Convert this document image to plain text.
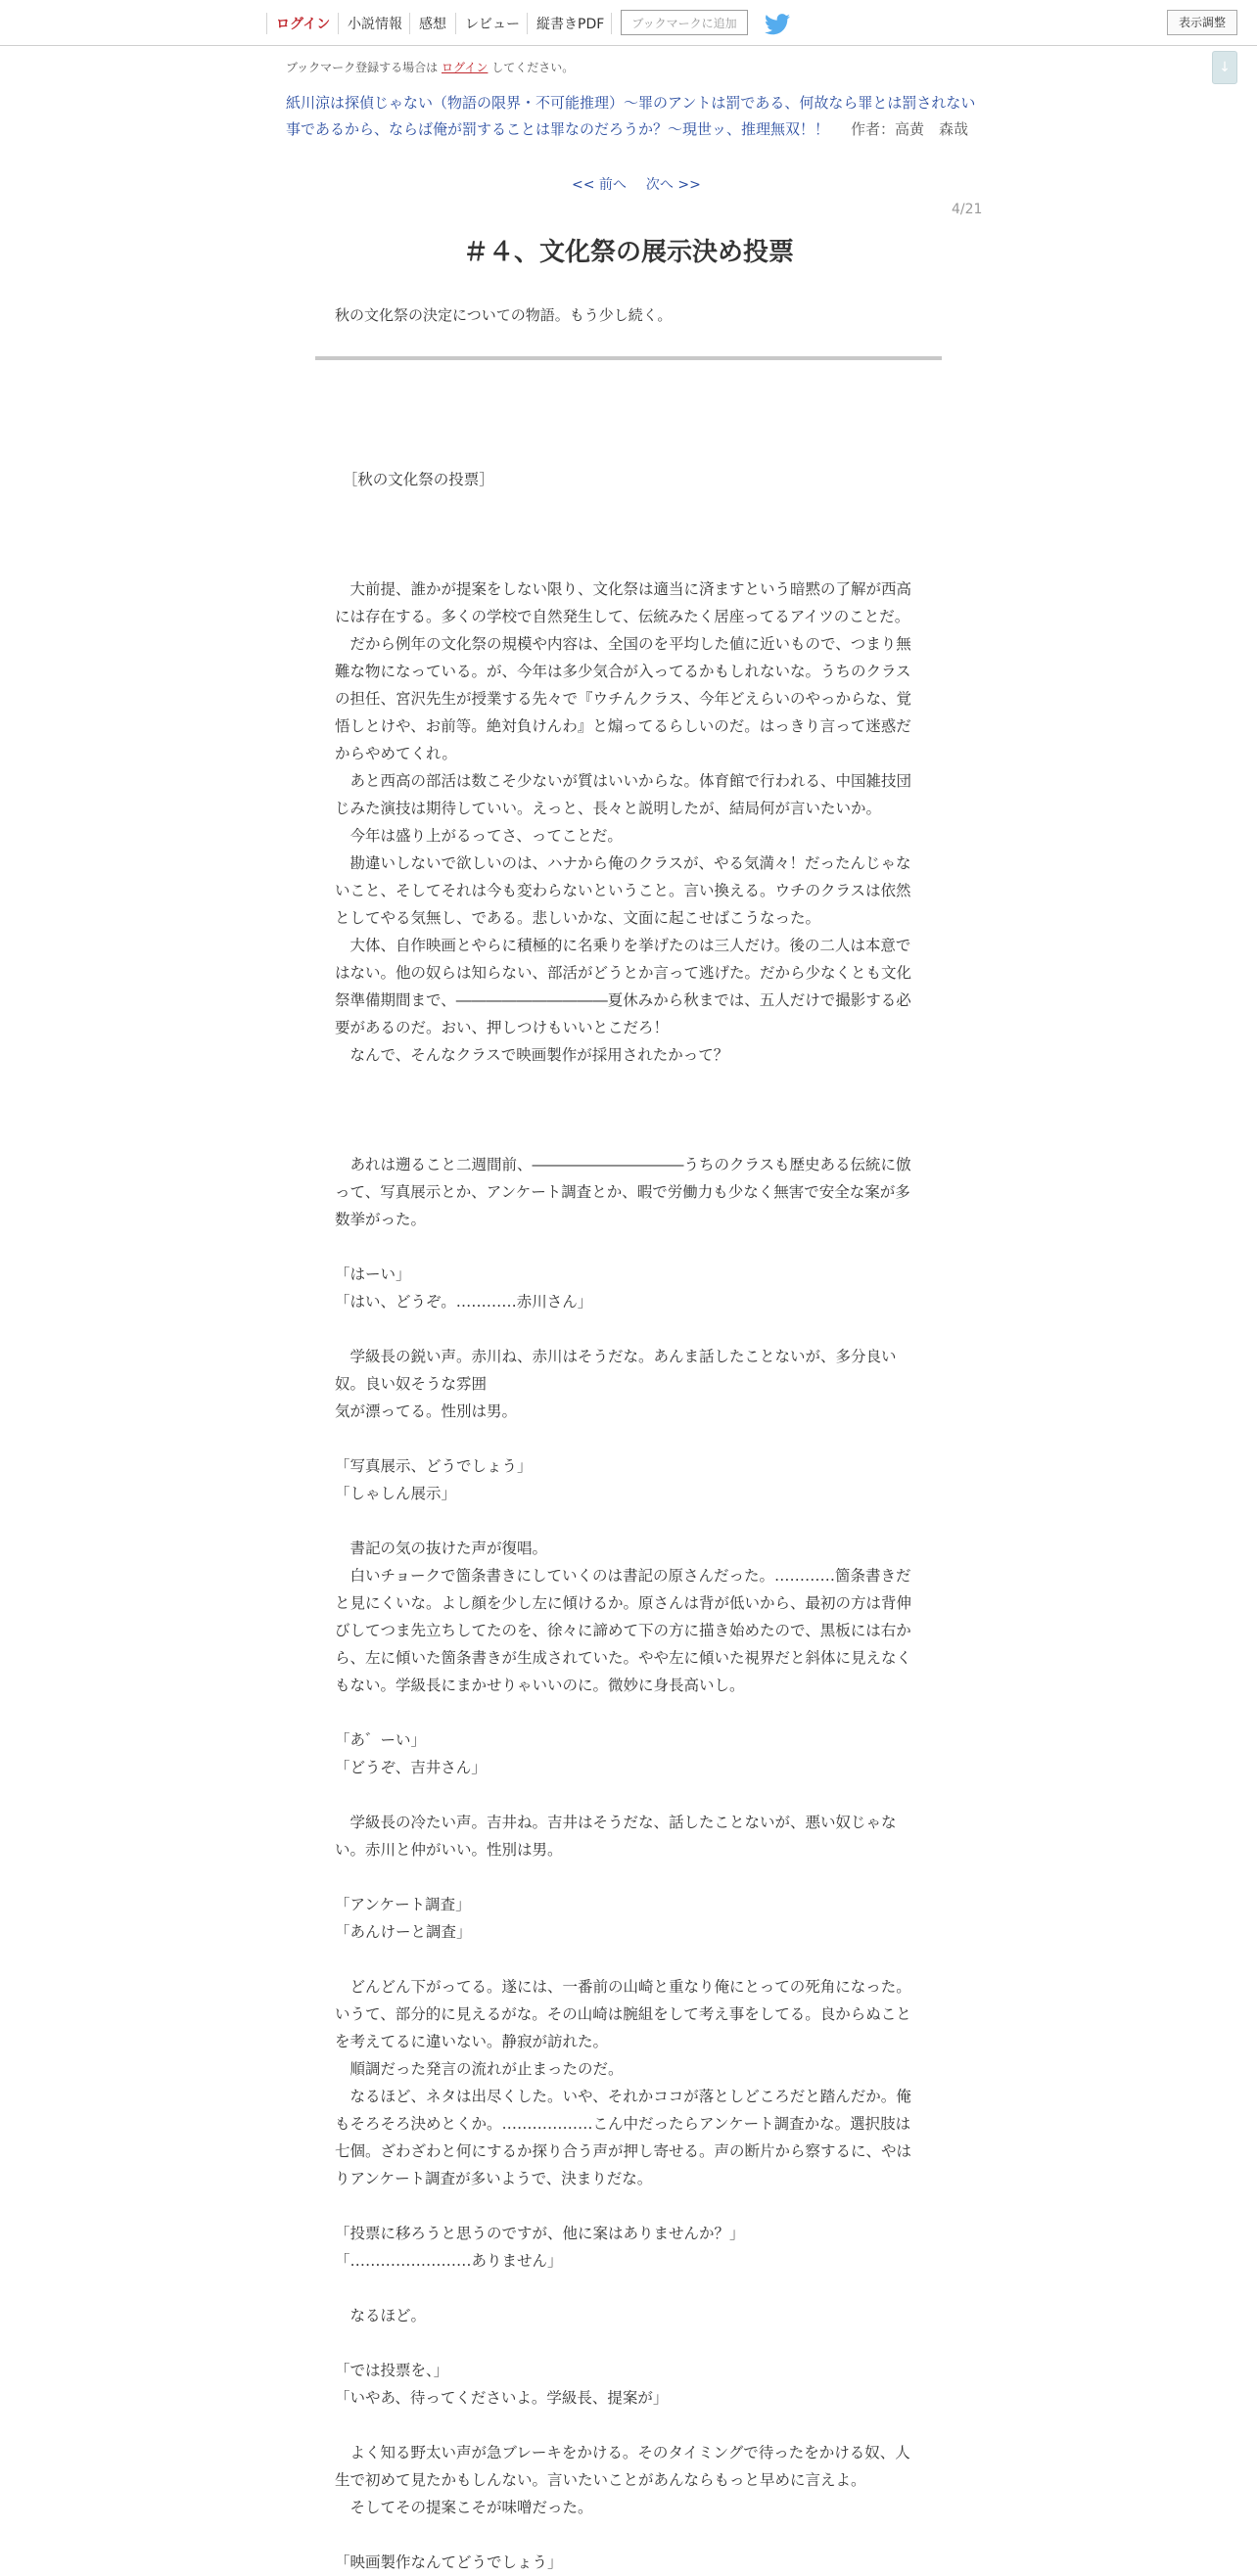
ログイン 小説情報 感想 レビュー 縦書きPDF	ブックマークに追加	表示調整
↓
ブックマーク登録する場合は ログイン してください。
紙川涼は探偵じゃない（物語の限界・不可能推理）～罪のアントは罰である、何故なら罪とは罰されない事であるから、ならば俺が罰することは罪なのだろうか？～現世ッ、推理無双！！ 作者：高黄　森哉
<< 前へ 次へ >>
4/21
＃４、文化祭の展示決め投票
秋の文化祭の決定についての物語。もう少し続く。

　［秋の文化祭の投票］

　大前提、誰かが提案をしない限り、文化祭は適当に済ますという暗黙の了解が西高には存在する。多くの学校で自然発生して、伝統みたく居座ってるアイツのことだ。

　だから例年の文化祭の規模や内容は、全国のを平均した値に近いもので、つまり無難な物になっている。が、今年は多少気合が入ってるかもしれないな。うちのクラスの担任、宮沢先生が授業する先々で『ウチんクラス、今年どえらいのやっからな、覚悟しとけや、お前等。絶対負けんわ』と煽ってるらしいのだ。はっきり言って迷惑だからやめてくれ。

　あと西高の部活は数こそ少ないが質はいいからな。体育館で行われる、中国雑技団じみた演技は期待していい。えっと、長々と説明したが、結局何が言いたいか。

　今年は盛り上がるってさ、ってことだ。

　勘違いしないで欲しいのは、ハナから俺のクラスが、やる気満々！だったんじゃないこと、そしてそれは今も変わらないということ。言い換える。ウチのクラスは依然としてやる気無し、である。悲しいかな、文面に起こせばこうなった。

　大体、自作映画とやらに積極的に名乗りを挙げたのは三人だけ。後の二人は本意ではない。他の奴らは知らない、部活がどうとか言って逃げた。だから少なくとも文化祭準備期間まで、――――――――――夏休みから秋までは、五人だけで撮影する必要があるのだ。おい、押しつけもいいとこだろ！

　なんで、そんなクラスで映画製作が採用されたかって？

　あれは遡ること二週間前、――――――――――うちのクラスも歴史ある伝統に倣って、写真展示とか、アンケート調査とか、暇で労働力も少なく無害で安全な案が多数挙がった。

「はーい」

「はい、どうぞ。…………赤川さん」

　学級長の鋭い声。赤川ね、赤川はそうだな。あんま話したことないが、多分良い奴。良い奴そうな雰囲
気が漂ってる。性別は男。

「写真展示、どうでしょう」

「しゃしん展示」

　書記の気の抜けた声が復唱。

　白いチョークで箇条書きにしていくのは書記の原さんだった。…………箇条書きだと見にくいな。よし顔を少し左に傾けるか。原さんは背が低いから、最初の方は背伸びしてつま先立ちしてたのを、徐々に諦めて下の方に描き始めたので、黒板には右から、左に傾いた箇条書きが生成されていた。やや左に傾いた視界だと斜体に見えなくもない。学級長にまかせりゃいいのに。微妙に身長高いし。

「あ゛ーい」

「どうぞ、吉井さん」

　学級長の冷たい声。吉井ね。吉井はそうだな、話したことないが、悪い奴じゃない。赤川と仲がいい。性別は男。

「アンケート調査」

「あんけーと調査」

　どんどん下がってる。遂には、一番前の山崎と重なり俺にとっての死角になった。いうて、部分的に見えるがな。その山崎は腕組をして考え事をしてる。良からぬことを考えてるに違いない。静寂が訪れた。

　順調だった発言の流れが止まったのだ。

　なるほど、ネタは出尽くした。いや、それかココが落としどころだと踏んだか。俺もそろそろ決めとくか。………………こん中だったらアンケート調査かな。選択肢は七個。ざわざわと何にするか探り合う声が押し寄せる。声の断片から察するに、やはりアンケート調査が多いようで、決まりだな。

「投票に移ろうと思うのですが、他に案はありませんか？」

「……………………ありません」

　なるほど。

「では投票を、」

「いやあ、待ってくださいよ。学級長、提案が」

　よく知る野太い声が急ブレーキをかける。そのタイミングで待ったをかける奴、人生で初めて見たかもしんない。言いたいことがあんならもっと早めに言えよ。

　そしてその提案こそが味噌だった。

「映画製作なんてどうでしょう」
